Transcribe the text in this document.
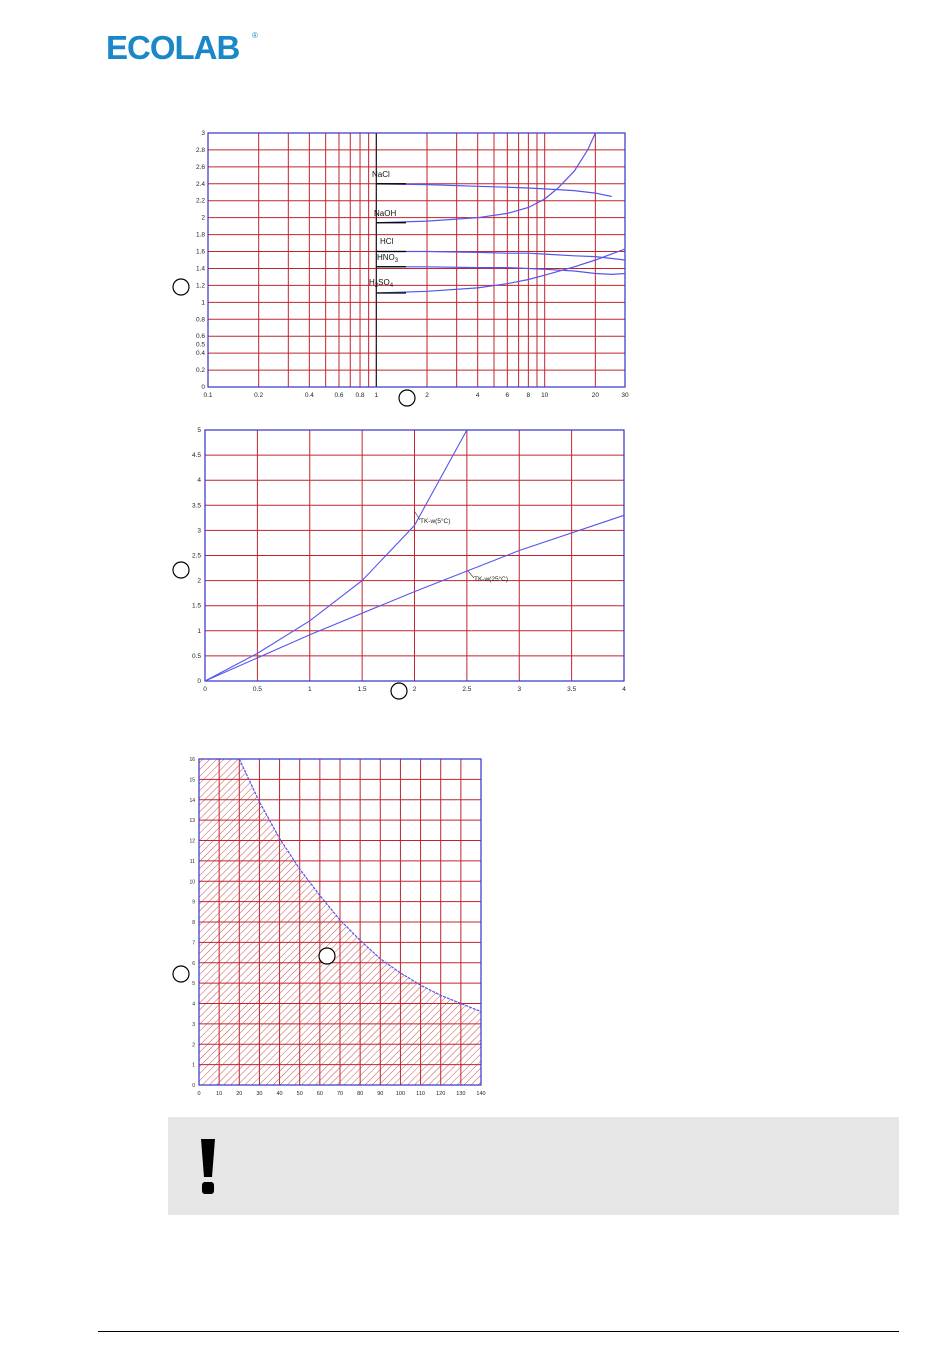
ECOLAB ®
0.1	0.2	0.4	0.6 0.8 1	2	4	6	8 10	20	30
0
0.2
0.4
0.5
0.6
0.8
1
1.2
1.4
1.6
1.8
2
2.2
2.4
2.6
2.8
3
NaCl
NaOH
HCl
$HNO_3$
$H_2SO_4$
0	0.5	1	1.5	2	2.5	3	3.5	4
0
0.5
1
1.5
2
2.5
3
3.5
4
4.5
5
TK-w(5°C)
TK-w(25°C)
0	10	20	30	40	50	60	70	80	90 100 110 120 130 140
0
1
2
3
4
5
6
7
8
9
10
11
12
13
14
15
16
